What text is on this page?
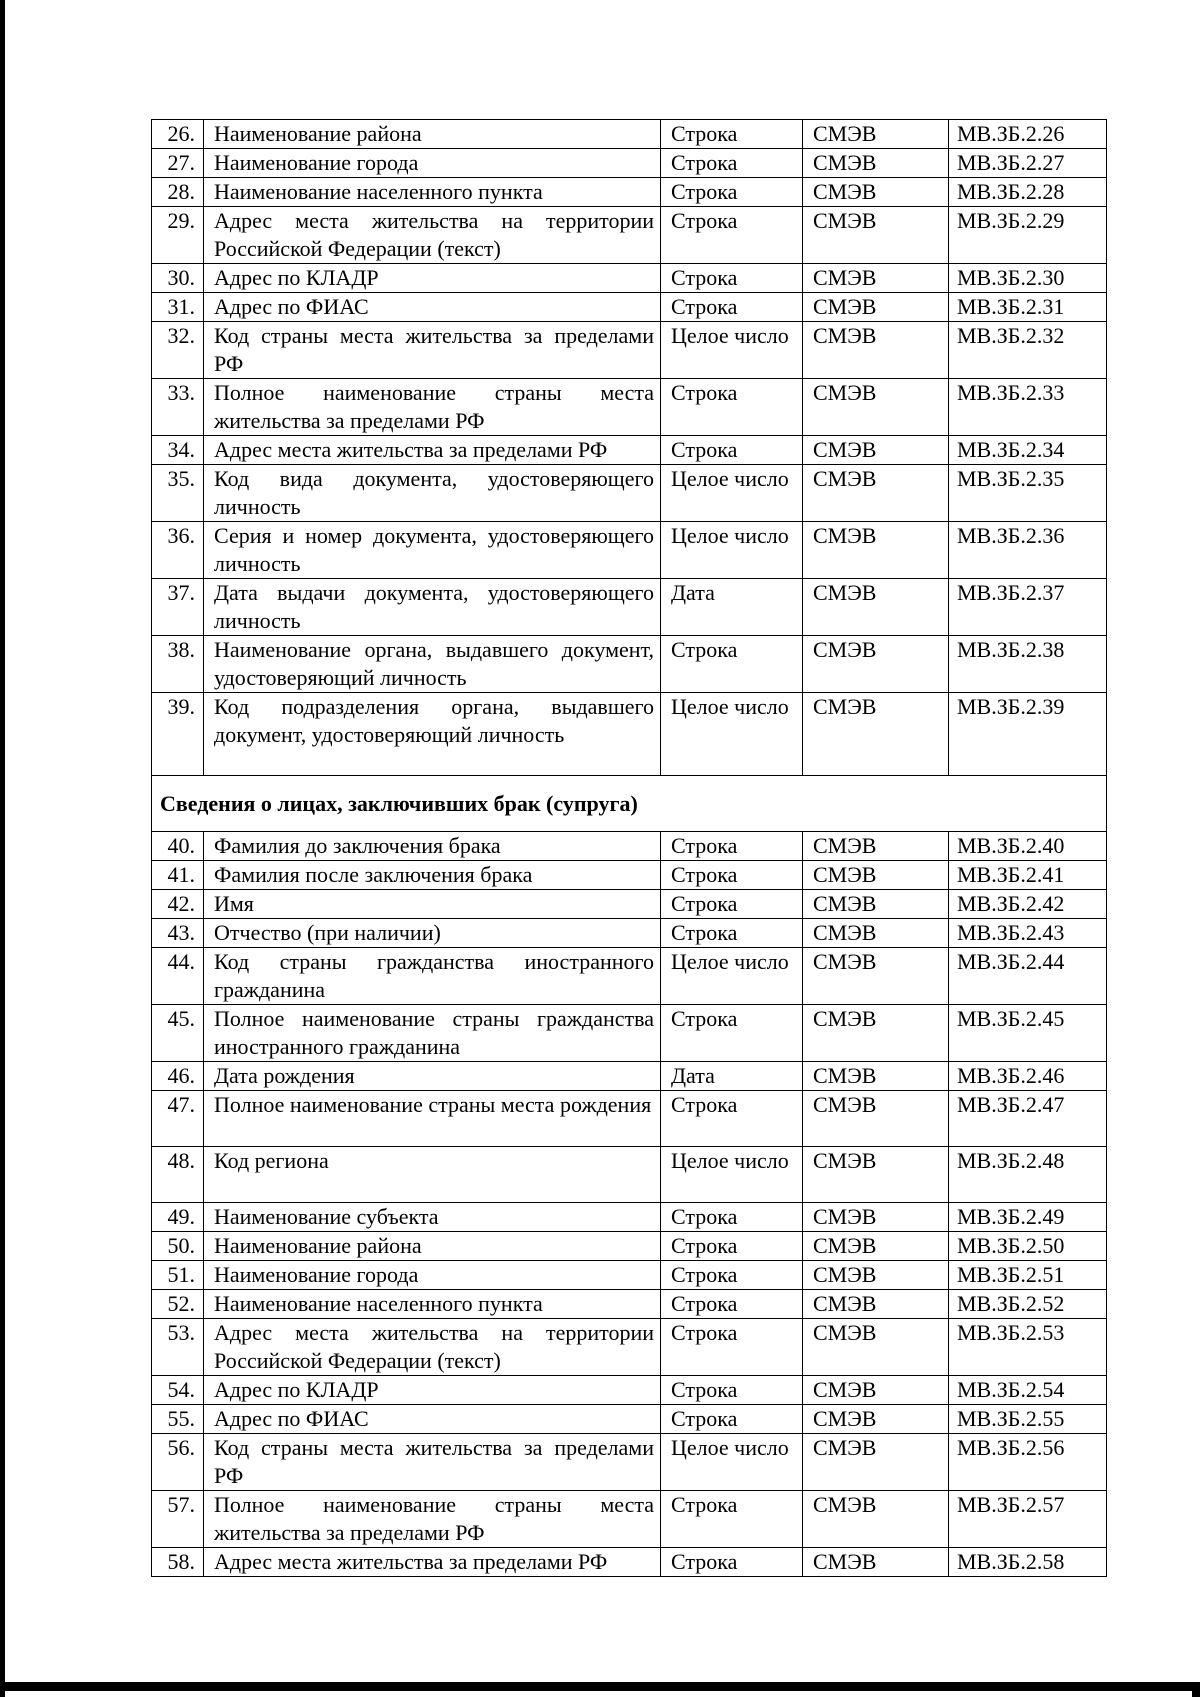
26.	Наименование района	Строка	СМЭВ	МВ.ЗБ.2.26
27.	Наименование города	Строка	СМЭВ	МВ.ЗБ.2.27
28.	Наименование населенного пункта	Строка	СМЭВ	МВ.ЗБ.2.28
29.	Адрес места жительства на территории Российской Федерации (текст)	Строка	СМЭВ	МВ.ЗБ.2.29
30.	Адрес по КЛАДР	Строка	СМЭВ	МВ.ЗБ.2.30
31.	Адрес по ФИАС	Строка	СМЭВ	МВ.ЗБ.2.31
32.	Код страны места жительства за пределами РФ	Целое число	СМЭВ	МВ.ЗБ.2.32
33.	Полное наименование страны места жительства за пределами РФ	Строка	СМЭВ	МВ.ЗБ.2.33
34.	Адрес места жительства за пределами РФ	Строка	СМЭВ	МВ.ЗБ.2.34
35.	Код вида документа, удостоверяющего личность	Целое число	СМЭВ	МВ.ЗБ.2.35
36.	Серия и номер документа, удостоверяющего личность	Целое число	СМЭВ	МВ.ЗБ.2.36
37.	Дата выдачи документа, удостоверяющего личность	Дата	СМЭВ	МВ.ЗБ.2.37
38.	Наименование органа, выдавшего документ, удостоверяющий личность	Строка	СМЭВ	МВ.ЗБ.2.38
39.	Код подразделения органа, выдавшего документ, удостоверяющий личность	Целое число	СМЭВ	МВ.ЗБ.2.39
Сведения о лицах, заключивших брак (супруга)				
40.	Фамилия до заключения брака	Строка	СМЭВ	МВ.ЗБ.2.40
41.	Фамилия после заключения брака	Строка	СМЭВ	МВ.ЗБ.2.41
42.	Имя	Строка	СМЭВ	МВ.ЗБ.2.42
43.	Отчество (при наличии)	Строка	СМЭВ	МВ.ЗБ.2.43
44.	Код страны гражданства иностранного гражданина	Целое число	СМЭВ	МВ.ЗБ.2.44
45.	Полное наименование страны гражданства иностранного гражданина	Строка	СМЭВ	МВ.ЗБ.2.45
46.	Дата рождения	Дата	СМЭВ	МВ.ЗБ.2.46
47.	Полное наименование страны места рождения	Строка	СМЭВ	МВ.ЗБ.2.47
48.	Код региона	Целое число	СМЭВ	МВ.ЗБ.2.48
49.	Наименование субъекта	Строка	СМЭВ	МВ.ЗБ.2.49
50.	Наименование района	Строка	СМЭВ	МВ.ЗБ.2.50
51.	Наименование города	Строка	СМЭВ	МВ.ЗБ.2.51
52.	Наименование населенного пункта	Строка	СМЭВ	МВ.ЗБ.2.52
53.	Адрес места жительства на территории Российской Федерации (текст)	Строка	СМЭВ	МВ.ЗБ.2.53
54.	Адрес по КЛАДР	Строка	СМЭВ	МВ.ЗБ.2.54
55.	Адрес по ФИАС	Строка	СМЭВ	МВ.ЗБ.2.55
56.	Код страны места жительства за пределами РФ	Целое число	СМЭВ	МВ.ЗБ.2.56
57.	Полное наименование страны места жительства за пределами РФ	Строка	СМЭВ	МВ.ЗБ.2.57
58.	Адрес места жительства за пределами РФ	Строка	СМЭВ	МВ.ЗБ.2.58
